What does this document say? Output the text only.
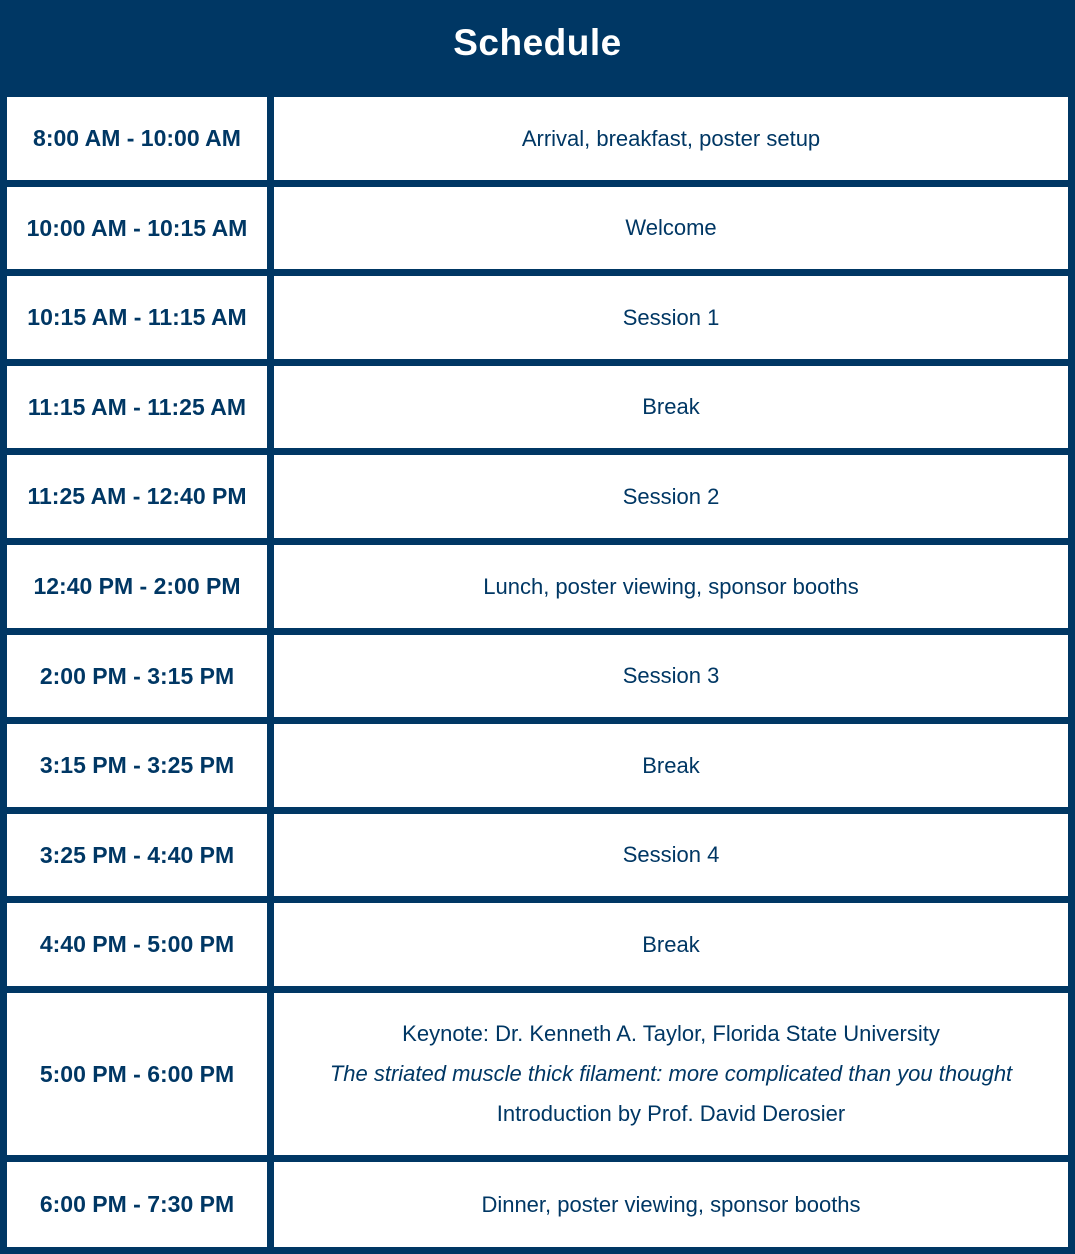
Schedule
8:00 AM - 10:00 AM	Arrival, breakfast, poster setup
10:00 AM - 10:15 AM	Welcome
10:15 AM - 11:15 AM	Session 1
11:15 AM - 11:25 AM	Break
11:25 AM - 12:40 PM	Session 2
12:40 PM - 2:00 PM	Lunch, poster viewing, sponsor booths
2:00 PM - 3:15 PM	Session 3
3:15 PM - 3:25 PM	Break
3:25 PM - 4:40 PM	Session 4
4:40 PM - 5:00 PM	Break
5:00 PM - 6:00 PM
Keynote: Dr. Kenneth A. Taylor, Florida State University
The striated muscle thick filament: more complicated than you thought
Introduction by Prof. David Derosier
6:00 PM - 7:30 PM	Dinner, poster viewing, sponsor booths
